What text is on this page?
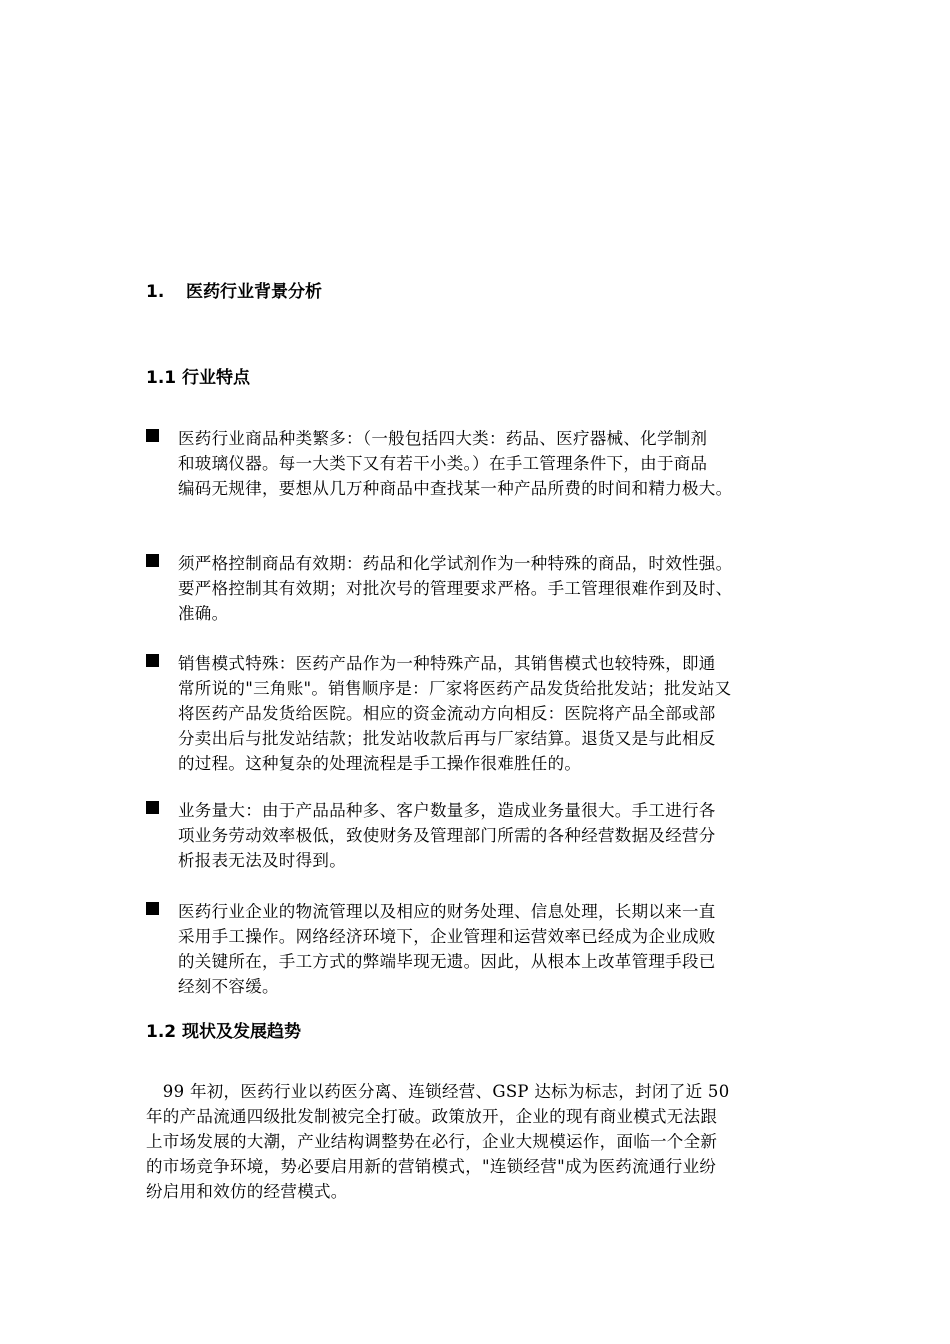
1. 医药行业背景分析
1.1 行业特点
医药行业商品种类繁多：（一般包括四大类：药品、医疗器械、化学制剂
和玻璃仪器。每一大类下又有若干小类。）在手工管理条件下，由于商品
编码无规律，要想从几万种商品中查找某一种产品所费的时间和精力极大。
须严格控制商品有效期：药品和化学试剂作为一种特殊的商品，时效性强。
要严格控制其有效期；对批次号的管理要求严格。手工管理很难作到及时、
准确。
销售模式特殊：医药产品作为一种特殊产品，其销售模式也较特殊，即通
常所说的"三角账"。销售顺序是：厂家将医药产品发货给批发站；批发站又
将医药产品发货给医院。相应的资金流动方向相反：医院将产品全部或部
分卖出后与批发站结款；批发站收款后再与厂家结算。退货又是与此相反
的过程。这种复杂的处理流程是手工操作很难胜任的。
业务量大：由于产品品种多、客户数量多，造成业务量很大。手工进行各
项业务劳动效率极低，致使财务及管理部门所需的各种经营数据及经营分
析报表无法及时得到。
医药行业企业的物流管理以及相应的财务处理、信息处理，长期以来一直
采用手工操作。网络经济环境下，企业管理和运营效率已经成为企业成败
的关键所在，手工方式的弊端毕现无遗。因此，从根本上改革管理手段已
经刻不容缓。
1.2 现状及发展趋势
　99 年初，医药行业以药医分离、连锁经营、GSP 达标为标志，封闭了近 50
年的产品流通四级批发制被完全打破。政策放开，企业的现有商业模式无法跟
上市场发展的大潮，产业结构调整势在必行，企业大规模运作，面临一个全新
的市场竞争环境，势必要启用新的营销模式，"连锁经营"成为医药流通行业纷
纷启用和效仿的经营模式。
